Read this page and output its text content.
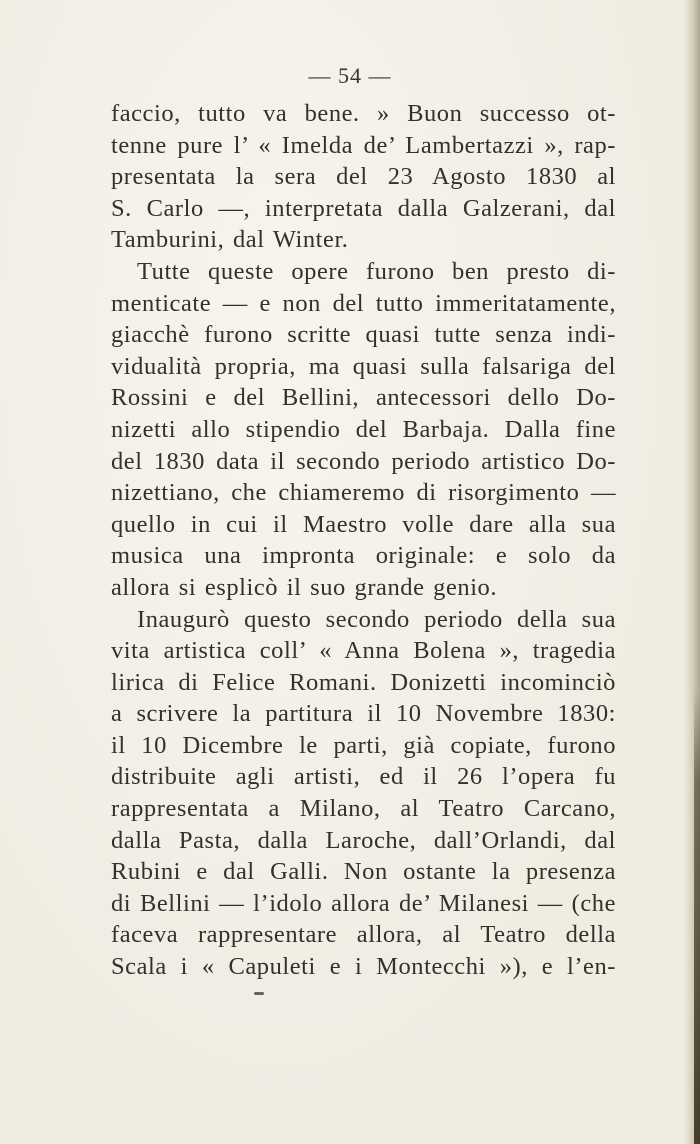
— 54 —
faccio, tutto va bene. » Buon successo ot-
tenne pure l’ « Imelda de’ Lambertazzi », rap-
presentata la sera del 23 Agosto 1830 al
S. Carlo —, interpretata dalla Galzerani, dal
Tamburini, dal Winter.
Tutte queste opere furono ben presto di-
menticate — e non del tutto immeritatamente,
giacchè furono scritte quasi tutte senza indi-
vidualità propria, ma quasi sulla falsariga del
Rossini e del Bellini, antecessori dello Do-
nizetti allo stipendio del Barbaja. Dalla fine
del 1830 data il secondo periodo artistico Do-
nizettiano, che chiameremo di risorgimento —
quello in cui il Maestro volle dare alla sua
musica una impronta originale: e solo da
allora si esplicò il suo grande genio.
Inaugurò questo secondo periodo della sua
vita artistica coll’ « Anna Bolena », tragedia
lirica di Felice Romani. Donizetti incominciò
a scrivere la partitura il 10 Novembre 1830:
il 10 Dicembre le parti, già copiate, furono
distribuite agli artisti, ed il 26 l’opera fu
rappresentata a Milano, al Teatro Carcano,
dalla Pasta, dalla Laroche, dall’Orlandi, dal
Rubini e dal Galli. Non ostante la presenza
di Bellini — l’idolo allora de’ Milanesi — (che
faceva rappresentare allora, al Teatro della
Scala i « Capuleti e i Montecchi »), e l’en-
